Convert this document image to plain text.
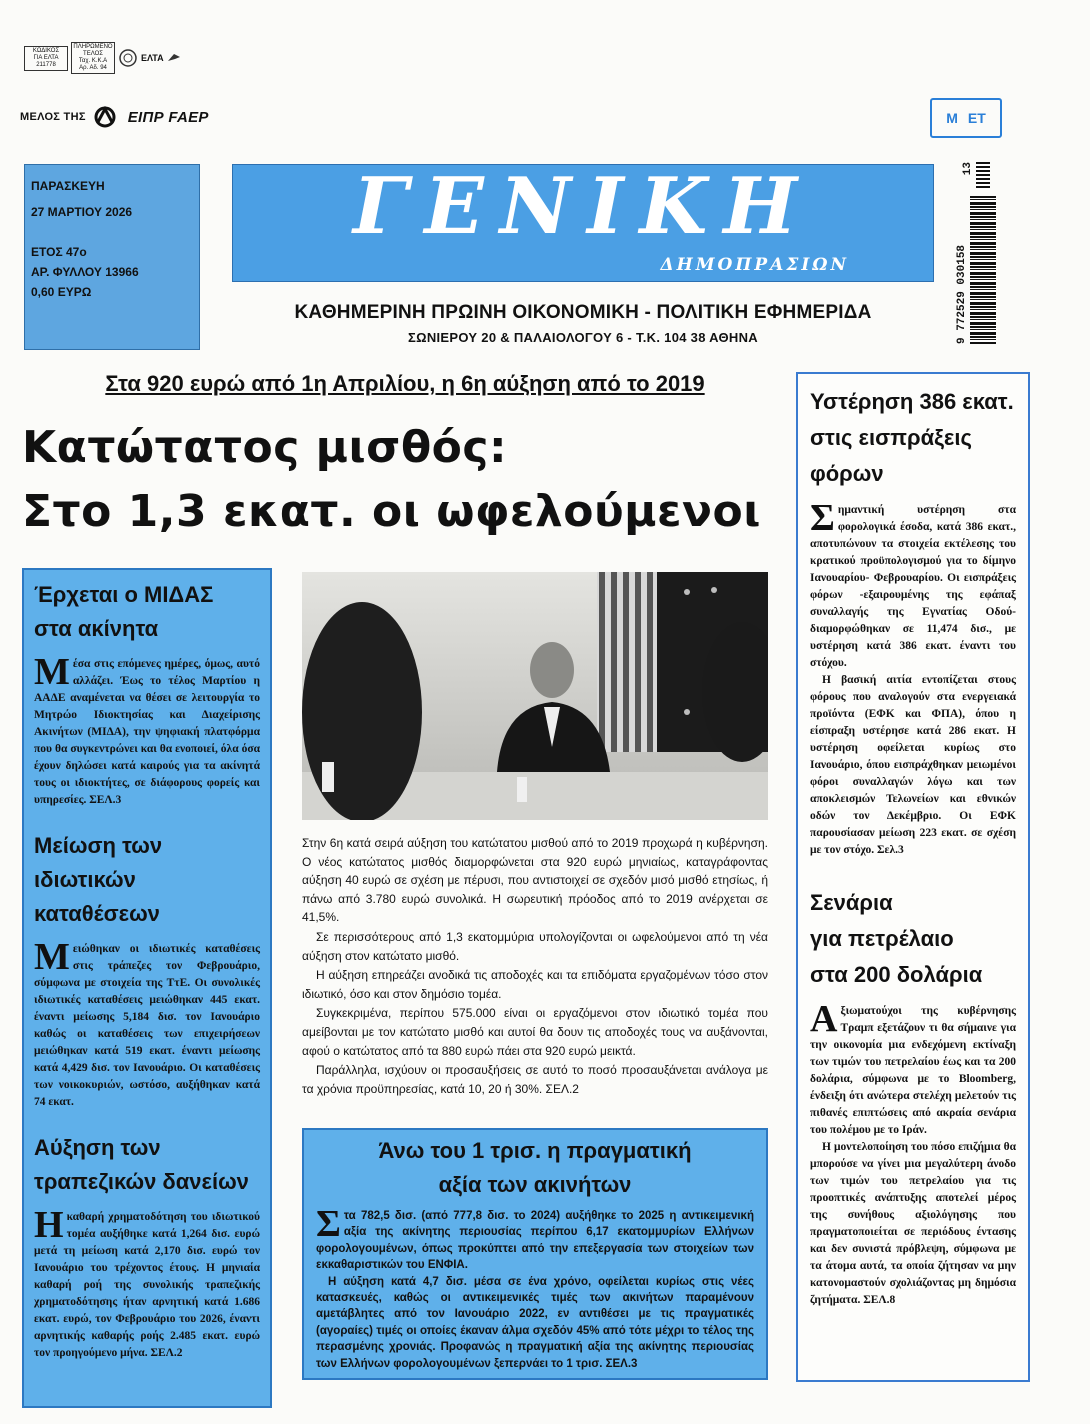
ΚΩΔΙΚΟΣ
ΓΙΑ ΕΛΤΑ
211778
ΠΛΗΡΩΜΕΝΟ
ΤΕΛΟΣ
Ταχ. Κ.Κ.Α
Αρ. Αδ. 94
ΕΛΤΑ
ΜΕΛΟΣ ΤΗΣ	ΕΙΠΡ FAEP	Μ ΕΤ
13
9 772529 030158
ΠΑΡΑΣΚΕΥΗ
27 ΜΑΡΤΙΟΥ 2026
ΕΤΟΣ 47ο
ΑΡ. ΦΥΛΛΟΥ 13966
0,60 ΕΥΡΩ
ΓΕΝΙΚΗ
ΔΗΜΟΠΡΑΣΙΩΝ
ΚΑΘΗΜΕΡΙΝΗ ΠΡΩΙΝΗ ΟΙΚΟΝΟΜΙΚΗ - ΠΟΛΙΤΙΚΗ ΕΦΗΜΕΡΙΔΑ
ΣΩΝΙΕΡΟΥ 20 & ΠΑΛΑΙΟΛΟΓΟΥ 6 - Τ.Κ. 104 38 ΑΘΗΝΑ
Στα 920 ευρώ από 1η Απριλίου, η 6η αύξηση από το 2019
Κατώτατος μισθός:
Στο 1,3 εκατ. οι ωφελούμενοι
Έρχεται ο ΜΙΔΑΣ
στα ακίνητα
Μ έσα στις επόμενες ημέρες, όμως, αυτό αλλάζει. Έως το τέλος Μαρτίου η ΑΑΔΕ αναμένεται να θέσει σε λειτουργία το Μητρώο Ιδιοκτησίας και Διαχείρισης Ακινήτων (ΜΙΔΑ), την ψηφιακή πλατφόρμα που θα συγκεντρώνει και θα ενοποιεί, όλα όσα έχουν δηλώσει κατά καιρούς για τα ακίνητά τους οι ιδιοκτήτες, σε διάφορους φορείς και υπηρεσίες. ΣΕΛ.3
Μείωση των ιδιωτικών
καταθέσεων
Μ ειώθηκαν οι ιδιωτικές καταθέσεις στις τράπεζες τον Φεβρουάριο, σύμφωνα με στοιχεία της ΤτΕ. Οι συνολικές ιδιωτικές καταθέσεις μειώθηκαν 445 εκατ. έναντι μείωσης 5,184 δισ. τον Ιανουάριο καθώς οι καταθέσεις των επιχειρήσεων μειώθηκαν κατά 519 εκατ. έναντι μείωσης κατά 4,429 δισ. τον Ιανουάριο. Οι καταθέσεις των νοικοκυριών, ωστόσο, αυξήθηκαν κατά 74 εκατ.
Αύξηση των
τραπεζικών δανείων
Η καθαρή χρηματοδότηση του ιδιωτικού τομέα αυξήθηκε κατά 1,264 δισ. ευρώ μετά τη μείωση κατά 2,170 δισ. ευρώ τον Ιανουάριο του τρέχοντος έτους. Η μηνιαία καθαρή ροή της συνολικής τραπεζικής χρηματοδότησης ήταν αρνητική κατά 1.686 εκατ. ευρώ, τον Φεβρουάριο του 2026, έναντι αρνητικής καθαρής ροής 2.485 εκατ. ευρώ τον προηγούμενο μήνα. ΣΕΛ.2

Στην 6η κατά σειρά αύξηση του κατώτατου μισθού από το 2019 προχωρά η κυβέρνηση. Ο νέος κατώτατος μισθός διαμορφώνεται στα 920 ευρώ μηνιαίως, καταγράφοντας αύξηση 40 ευρώ σε σχέση με πέρυσι, που αντιστοιχεί σε σχεδόν μισό μισθό ετησίως, ή πάνω από 3.780 ευρώ συνολικά. Η σωρευτική πρόοδος από το 2019 ανέρχεται σε 41,5%.

Σε περισσότερους από 1,3 εκατομμύρια υπολογίζονται οι ωφελούμενοι από τη νέα αύξηση στον κατώτατο μισθό.

Η αύξηση επηρεάζει ανοδικά τις αποδοχές και τα επιδόματα εργαζομένων τόσο στον ιδιωτικό, όσο και στον δημόσιο τομέα.

Συγκεκριμένα, περίπου 575.000 είναι οι εργαζόμενοι στον ιδιωτικό τομέα που αμείβονται με τον κατώτατο μισθό και αυτοί θα δουν τις αποδοχές τους να αυξάνονται, αφού ο κατώτατος από τα 880 ευρώ πάει στα 920 ευρώ μεικτά.

Παράλληλα, ισχύουν οι προσαυξήσεις σε αυτό το ποσό προσαυξάνεται ανάλογα με τα χρόνια προϋπηρεσίας, κατά 10, 20 ή 30%. ΣΕΛ.2

Άνω του 1 τρισ. η πραγματική
αξία των ακινήτων

Στα 782,5 δισ. (από 777,8 δισ. το 2024) αυξήθηκε το 2025 η αντικειμενική αξία της ακίνητης περιουσίας περίπου 6,17 εκατομμυρίων Ελλήνων φορολογουμένων, όπως προκύπτει από την επεξεργασία των στοιχείων των εκκαθαριστικών του ΕΝΦΙΑ.

Η αύξηση κατά 4,7 δισ. μέσα σε ένα χρόνο, οφείλεται κυρίως στις νέες κατασκευές, καθώς οι αντικειμενικές τιμές των ακινήτων παραμένουν αμετάβλητες από τον Ιανουάριο 2022, εν αντιθέσει με τις πραγματικές (αγοραίες) τιμές οι οποίες έκαναν άλμα σχεδόν 45% από τότε μέχρι το τέλος της περασμένης χρονιάς. Προφανώς η πραγματική αξία της ακίνητης περιουσίας των Ελλήνων φορολογουμένων ξεπερνάει το 1 τρισ. ΣΕΛ.3

Υστέρηση 386 εκατ.
στις εισπράξεις
φόρων

Σημαντική υστέρηση στα φορολογικά έσοδα, κατά 386 εκατ., αποτυπώνουν τα στοιχεία εκτέλεσης του κρατικού προϋπολογισμού για το δίμηνο Ιανουαρίου- Φεβρουαρίου. Οι εισπράξεις φόρων -εξαιρουμένης της εφάπαξ συναλλαγής της Εγνατίας Οδού- διαμορφώθηκαν σε 11,474 δισ., με υστέρηση κατά 386 εκατ. έναντι του στόχου.

Η βασική αιτία εντοπίζεται στους φόρους που αναλογούν στα ενεργειακά προϊόντα (ΕΦΚ και ΦΠΑ), όπου η είσπραξη υστέρησε κατά 286 εκατ. Η υστέρηση οφείλεται κυρίως στο Ιανουάριο, όπου εισπράχθηκαν μειωμένοι φόροι συναλλαγών λόγω και των αποκλεισμών Τελωνείων και εθνικών οδών τον Δεκέμβριο. Οι ΕΦΚ παρουσίασαν μείωση 223 εκατ. σε σχέση με τον στόχο. Σελ.3

Σενάρια
για πετρέλαιο
στα 200 δολάρια

Αξιωματούχοι της κυβέρνησης Τραμπ εξετάζουν τι θα σήμαινε για την οικονομία μια ενδεχόμενη εκτίναξη των τιμών του πετρελαίου έως και τα 200 δολάρια, σύμφωνα με το Bloomberg, ένδειξη ότι ανώτερα στελέχη μελετούν τις πιθανές επιπτώσεις από ακραία σενάρια του πολέμου με το Ιράν.

Η μοντελοποίηση του πόσο επιζήμια θα μπορούσε να γίνει μια μεγαλύτερη άνοδο των τιμών του πετρελαίου για τις προοπτικές ανάπτυξης αποτελεί μέρος της συνήθους αξιολόγησης που πραγματοποιείται σε περιόδους έντασης και δεν συνιστά πρόβλεψη, σύμφωνα με τα άτομα αυτά, τα οποία ζήτησαν να μην κατονομαστούν σχολιάζοντας μη δημόσια ζητήματα. ΣΕΛ.8
